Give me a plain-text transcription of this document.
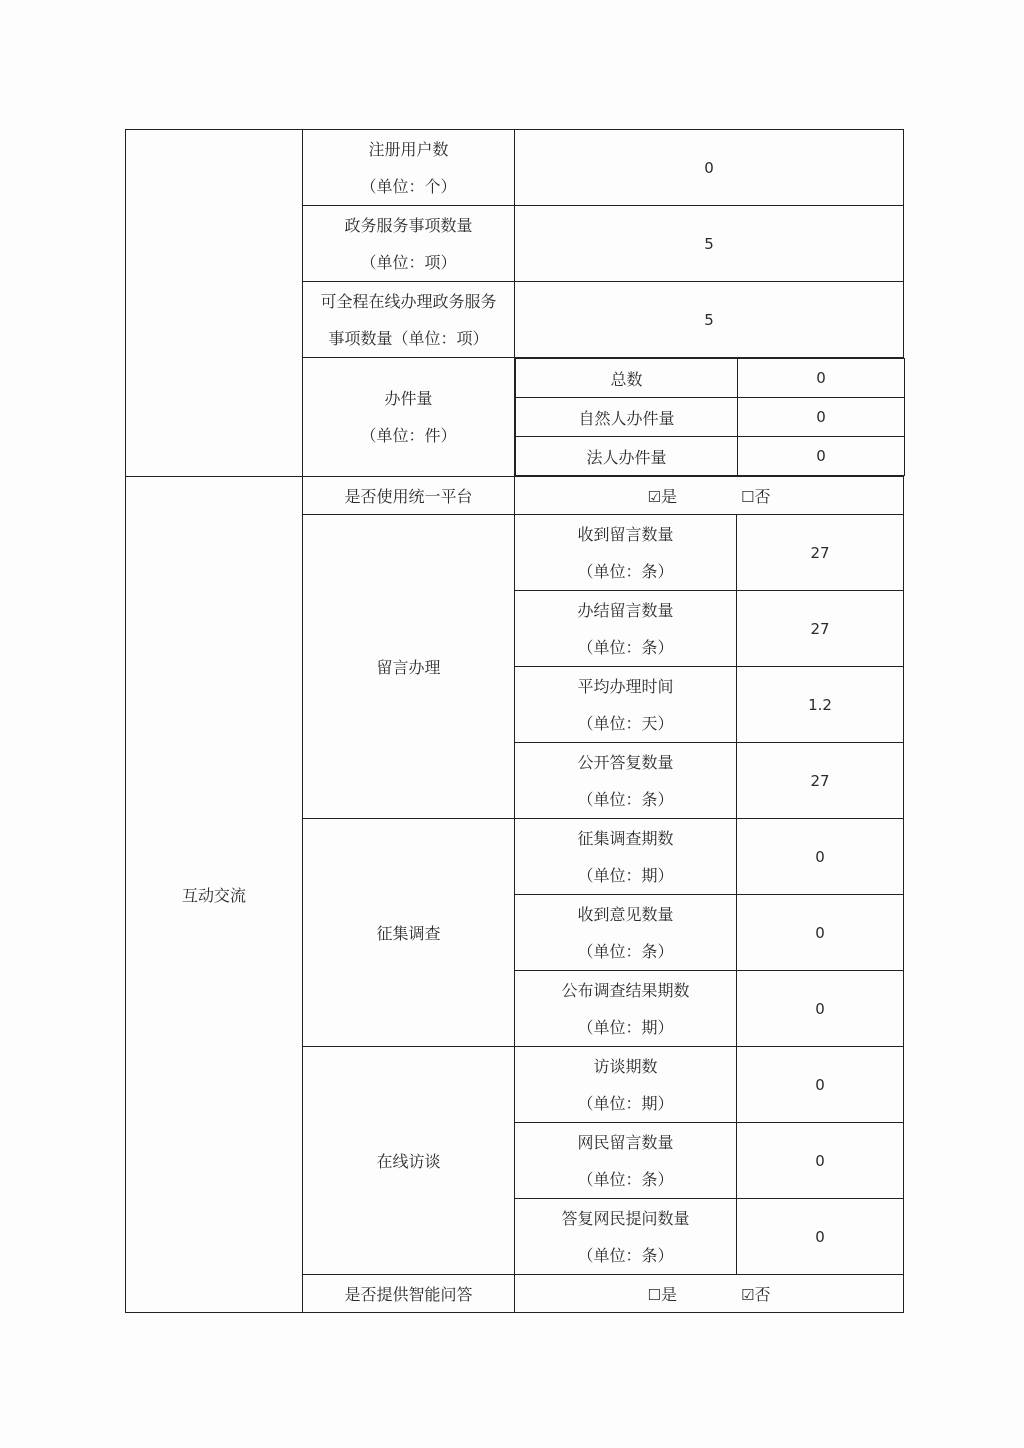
	注册用户数
（单位：个）	0
政务服务事项数量
（单位：项）	5
可全程在线办理政务服务
事项数量（单位：项）	5
办件量
（单位：件）	
总数	0
自然人办件量	0
法人办件量	0

互动交流	是否使用统一平台	☑是	☐否
留言办理	收到留言数量
（单位：条）	27
办结留言数量
（单位：条）	27
平均办理时间
（单位：天）	1.2
公开答复数量
（单位：条）	27
征集调查	征集调查期数
（单位：期）	0
收到意见数量
（单位：条）	0
公布调查结果期数
（单位：期）	0
在线访谈	访谈期数
（单位：期）	0
网民留言数量
（单位：条）	0
答复网民提问数量
（单位：条）	0
是否提供智能问答	☐是	☑否
